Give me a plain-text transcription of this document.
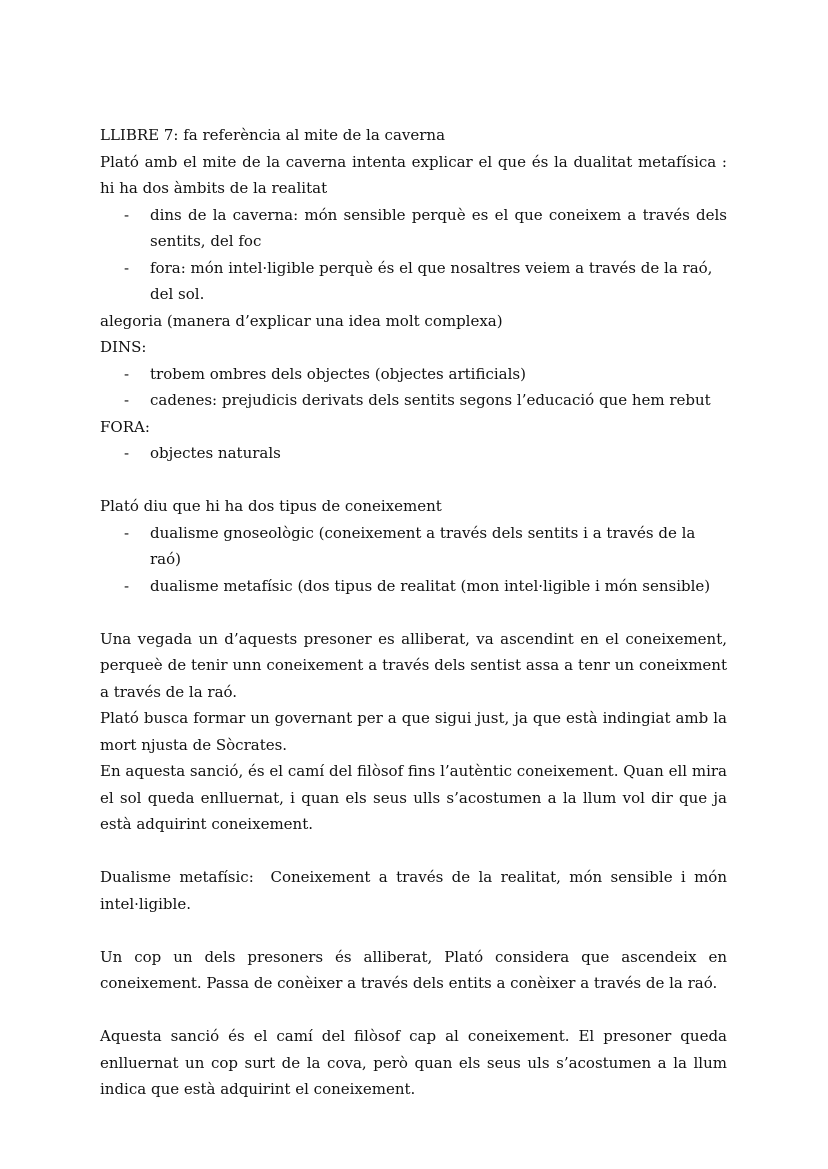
LLIBRE 7: fa referència al mite de la caverna

Plató amb el mite de la caverna intenta explicar el que és la dualitat metafísica : hi ha dos àmbits de la realitat

- dins de la caverna: món sensible perquè es el que coneixem a través dels sentits, del foc
- fora: món intel·ligible perquè és el que nosaltres veiem a través de la raó, del sol.

alegoria (manera d’explicar una idea molt complexa)

DINS:

- trobem ombres dels objectes (objectes artificials)
- cadenes: prejudicis derivats dels sentits segons l’educació que hem rebut

FORA:

- objectes naturals

Plató diu que hi ha dos tipus de coneixement

- dualisme gnoseològic (coneixement a través dels sentits i a través de la raó)
- dualisme metafísic (dos tipus de realitat (mon intel·ligible i món sensible)

Una vegada un d’aquests presoner es alliberat, va ascendint en el coneixement, perqueè de tenir unn coneixement a través dels sentist assa a tenr un coneixment a través de la raó.

Plató busca formar un governant per a que sigui just, ja que està indingiat amb la mort njusta de Sòcrates.

En aquesta sanció, és el camí del filòsof fins l’autèntic coneixement. Quan ell mira el sol queda enlluernat, i quan els seus ulls s’acostumen a la llum vol dir que ja està adquirint coneixement.

Dualisme metafísic:  Coneixement a través de la realitat, món sensible i món intel·ligible.

Un cop un dels presoners és alliberat, Plató considera que ascendeix en coneixement. Passa de conèixer a través dels entits a conèixer a través de la raó.

Aquesta sanció és el camí del filòsof cap al coneixement. El presoner queda enlluernat un cop surt de la cova, però quan els seus uls s’acostumen a la llum indica que està adquirint el coneixement.
